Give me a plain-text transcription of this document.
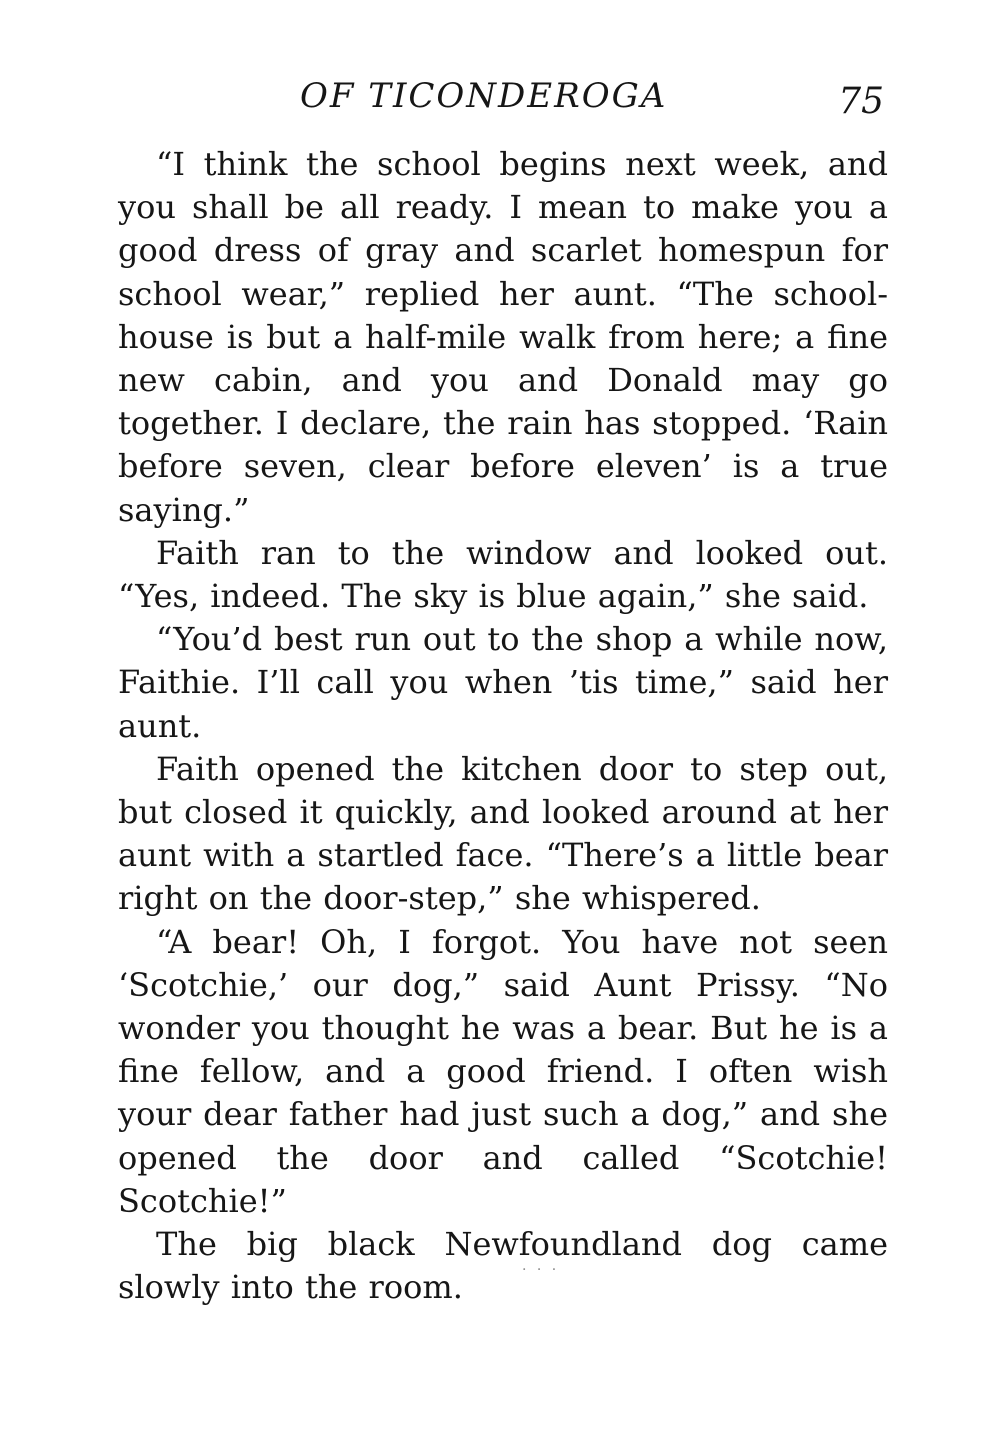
OF TICONDEROGA	75

“I think the school begins next week, and you shall be all ready. I mean to make you a good dress of gray and scarlet homespun for school wear,” replied her aunt. “The school-house is but a half-mile walk from here; a fine new cabin, and you and Donald may go together. I declare, the rain has stopped. ‘Rain before seven, clear before eleven’ is a true saying.”

Faith ran to the window and looked out. “Yes, indeed. The sky is blue again,” she said.

“You’d best run out to the shop a while now, Faithie. I’ll call you when ’tis time,” said her aunt.

Faith opened the kitchen door to step out, but closed it quickly, and looked around at her aunt with a startled face. “There’s a little bear right on the door-step,” she whispered.

“A bear! Oh, I forgot. You have not seen ‘Scotchie,’ our dog,” said Aunt Prissy. “No wonder you thought he was a bear. But he is a fine fellow, and a good friend. I often wish your dear father had just such a dog,” and she opened the door and called “Scotchie! Scotchie!”

The big black Newfoundland dog came slowly into the room.	· · ·
